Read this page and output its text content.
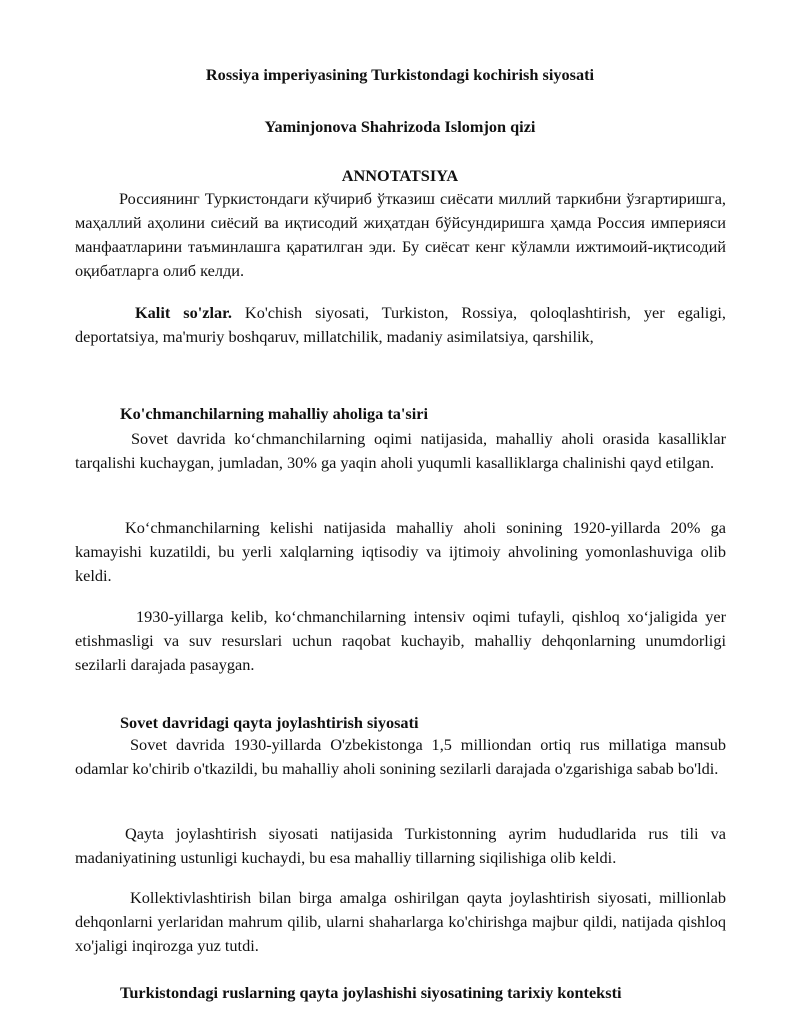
Rossiya imperiyasining Turkistondagi kochirish siyosati
Yaminjonova Shahrizoda Islomjon qizi
ANNOTATSIYA

Россиянинг Туркистондаги кўчириб ўтказиш сиёсати миллий таркибни ўзгартиришга, маҳаллий аҳолини сиёсий ва иқтисодий жиҳатдан бўйсундиришга ҳамда Россия империяси манфаатларини таъминлашга қаратилган эди. Бу сиёсат кенг кўламли ижтимоий-иқтисодий оқибатларга олиб келди.

Kalit so'zlar. Ko'chish siyosati, Turkiston, Rossiya, qoloqlashtirish, yer egaligi, deportatsiya, ma'muriy boshqaruv, millatchilik, madaniy asimilatsiya, qarshilik,

Ko'chmanchilarning mahalliy aholiga ta'siri

Sovet davrida ko‘chmanchilarning oqimi natijasida, mahalliy aholi orasida kasalliklar tarqalishi kuchaygan, jumladan, 30% ga yaqin aholi yuqumli kasalliklarga chalinishi qayd etilgan.

Ko‘chmanchilarning kelishi natijasida mahalliy aholi sonining 1920-yillarda 20% ga kamayishi kuzatildi, bu yerli xalqlarning iqtisodiy va ijtimoiy ahvolining yomonlashuviga olib keldi.

1930-yillarga kelib, ko‘chmanchilarning intensiv oqimi tufayli, qishloq xo‘jaligida yer etishmasligi va suv resurslari uchun raqobat kuchayib, mahalliy dehqonlarning unumdorligi sezilarli darajada pasaygan.

Sovet davridagi qayta joylashtirish siyosati

Sovet davrida 1930-yillarda O'zbekistonga 1,5 milliondan ortiq rus millatiga mansub odamlar ko'chirib o'tkazildi, bu mahalliy aholi sonining sezilarli darajada o'zgarishiga sabab bo'ldi.

Qayta joylashtirish siyosati natijasida Turkistonning ayrim hududlarida rus tili va madaniyatining ustunligi kuchaydi, bu esa mahalliy tillarning siqilishiga olib keldi.

Kollektivlashtirish bilan birga amalga oshirilgan qayta joylashtirish siyosati, millionlab dehqonlarni yerlaridan mahrum qilib, ularni shaharlarga ko'chirishga majbur qildi, natijada qishloq xo'jaligi inqirozga yuz tutdi.

Turkistondagi ruslarning qayta joylashishi siyosatining tarixiy konteksti
